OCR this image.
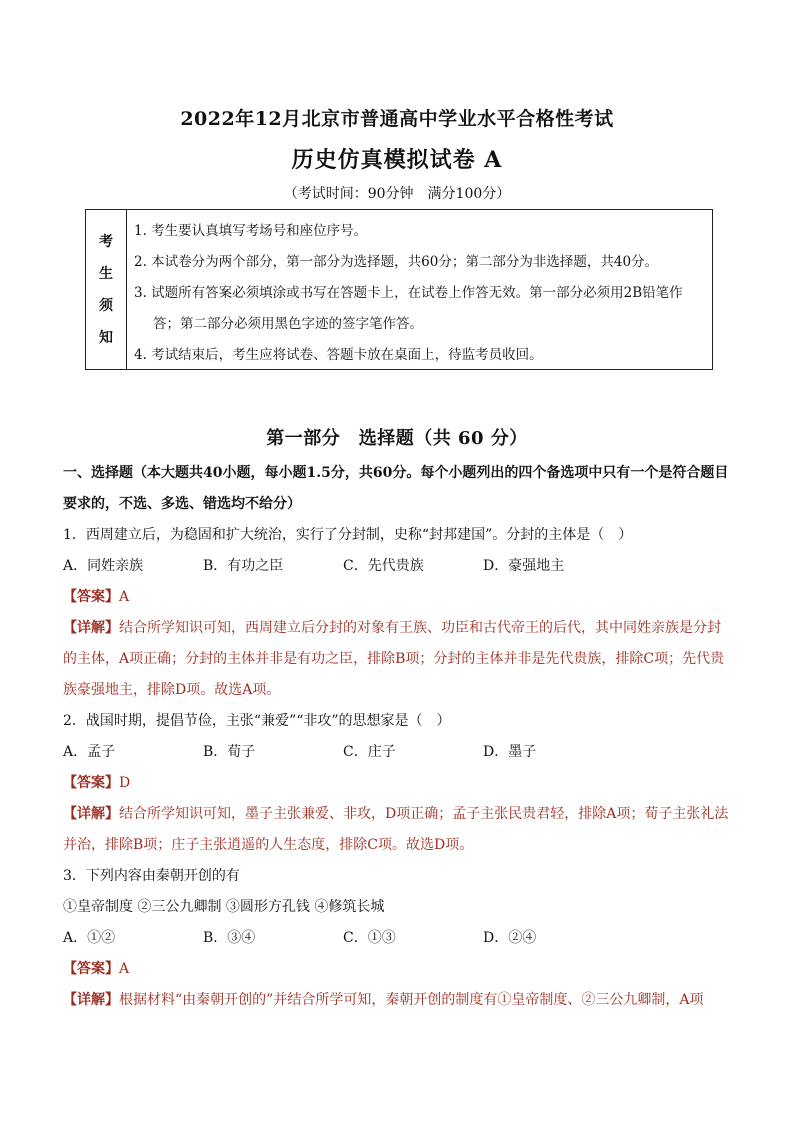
2022年12月北京市普通高中学业水平合格性考试
历史仿真模拟试卷 A
（考试时间：90分钟　满分100分）
考
生
须
知
1. 考生要认真填写考场号和座位序号。
2. 本试卷分为两个部分，第一部分为选择题，共60分；第二部分为非选择题，共40分。
3. 试题所有答案必须填涂或书写在答题卡上，在试卷上作答无效。第一部分必须用2B铅笔作
答；第二部分必须用黑色字迹的签字笔作答。
4. 考试结束后，考生应将试卷、答题卡放在桌面上，待监考员收回。
第一部分　选择题（共 60 分）

一、选择题（本大题共40小题，每小题1.5分，共60分。每个小题列出的四个备选项中只有一个是符合题目要求的，不选、多选、错选均不给分）

1．西周建立后，为稳固和扩大统治，实行了分封制，史称“封邦建国”。分封的主体是（　）

A．同姓亲族	B．有功之臣	C．先代贵族	D．豪强地主

【答案】A

【详解】结合所学知识可知，西周建立后分封的对象有王族、功臣和古代帝王的后代，其中同姓亲族是分封的主体，A项正确；分封的主体并非是有功之臣，排除B项；分封的主体并非是先代贵族，排除C项；先代贵族豪强地主，排除D项。故选A项。

2．战国时期，提倡节俭，主张“兼爱”“非攻”的思想家是（　）

A．孟子	B．荀子	C．庄子	D．墨子

【答案】D

【详解】结合所学知识可知，墨子主张兼爱、非攻，D项正确；孟子主张民贵君轻，排除A项；荀子主张礼法并治，排除B项；庄子主张逍遥的人生态度，排除C项。故选D项。

3．下列内容由秦朝开创的有

①皇帝制度 ②三公九卿制 ③圆形方孔钱 ④修筑长城

A．①②	B．③④	C．①③	D．②④

【答案】A

【详解】根据材料“由秦朝开创的”并结合所学可知，秦朝开创的制度有①皇帝制度、②三公九卿制，A项
